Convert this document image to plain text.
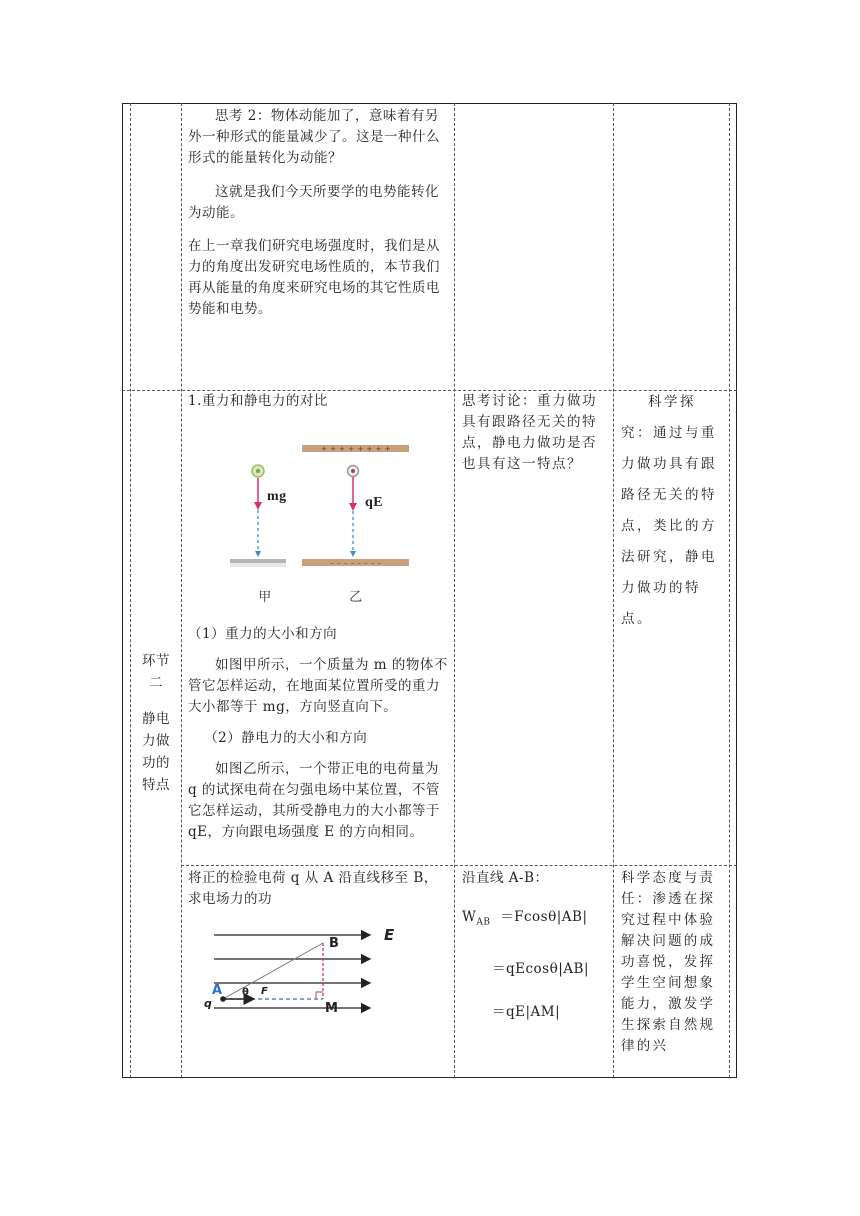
思考 2：物体动能加了，意味着有另外一种形式的能量减少了。这是一种什么形式的能量转化为动能？

这就是我们今天所要学的电势能转化为动能。

在上一章我们研究电场强度时，我们是从力的角度出发研究电场性质的，本节我们再从能量的角度来研究电场的其它性质电势能和电势。

环节二

静电力做功的特点

1.重力和静电力的对比

mg
+ + + + + + + +
qE
– – – – – – – –
甲	乙

（1）重力的大小和方向

如图甲所示，一个质量为 m 的物体不管它怎样运动，在地面某位置所受的重力大小都等于 mg，方向竖直向下。

（2）静电力的大小和方向

如图乙所示，一个带正电的电荷量为 q 的试探电荷在匀强电场中某位置，不管它怎样运动，其所受静电力的大小都等于 qE，方向跟电场强度 E 的方向相同。

思考讨论：重力做功具有跟路径无关的特点，静电力做功是否也具有这一特点？

科学探究：通过与重力做功具有跟路径无关的特点，类比的方法研究，静电力做功的特点。

将正的检验电荷 q 从 A 沿直线移至 B，求电场力的功

E
B
A
q
θ F
M

沿直线 A-B：

$W_{AB} =Fcos\theta|AB|$

＝qEcosθ|AB|

＝qE|AM|

科学态度与责任：渗透在探究过程中体验解决问题的成功喜悦，发挥学生空间想象能力，激发学生探索自然规律的兴
